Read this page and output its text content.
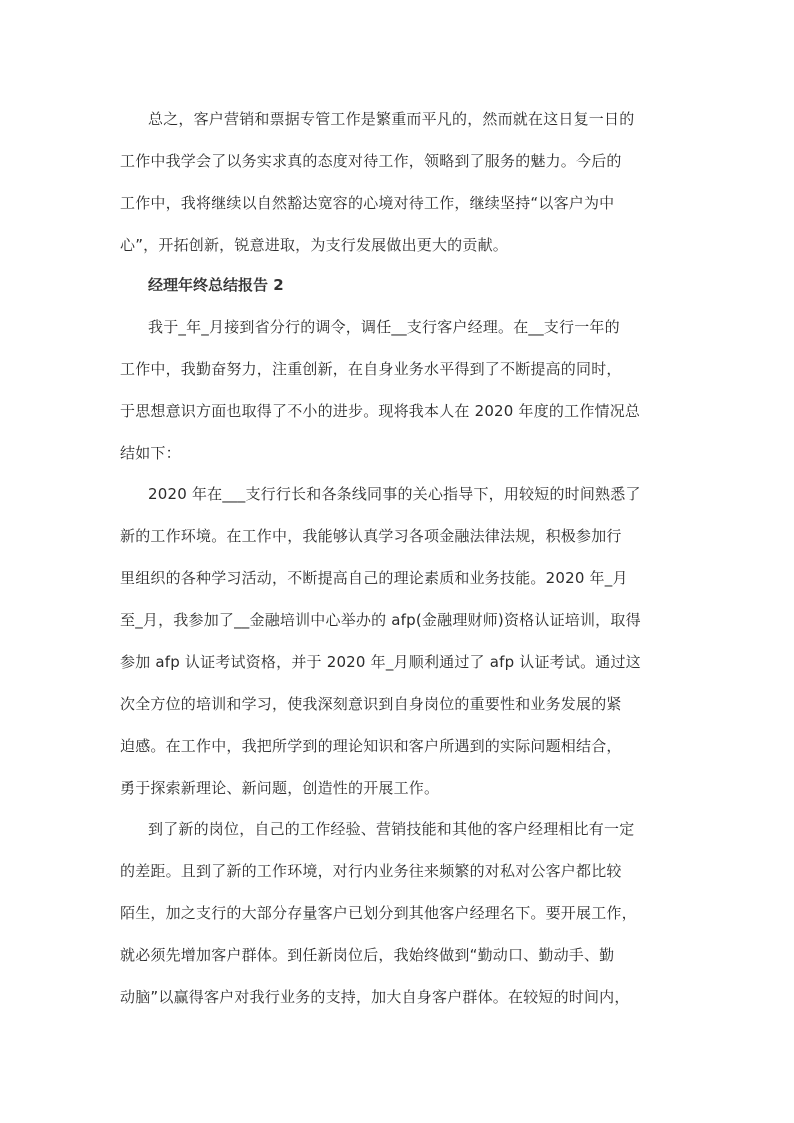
总之，客户营销和票据专管工作是繁重而平凡的，然而就在这日复一日的
工作中我学会了以务实求真的态度对待工作，领略到了服务的魅力。今后的
工作中，我将继续以自然豁达宽容的心境对待工作，继续坚持“以客户为中
心”，开拓创新，锐意进取，为支行发展做出更大的贡献。
经理年终总结报告 2
我于_年_月接到省分行的调令，调任__支行客户经理。在__支行一年的
工作中，我勤奋努力，注重创新，在自身业务水平得到了不断提高的同时，
于思想意识方面也取得了不小的进步。现将我本人在 2020 年度的工作情况总
结如下：
2020 年在___支行行长和各条线同事的关心指导下，用较短的时间熟悉了
新的工作环境。在工作中，我能够认真学习各项金融法律法规，积极参加行
里组织的各种学习活动，不断提高自己的理论素质和业务技能。2020 年_月
至_月，我参加了__金融培训中心举办的 afp(金融理财师)资格认证培训，取得
参加 afp 认证考试资格，并于 2020 年_月顺利通过了 afp 认证考试。通过这
次全方位的培训和学习，使我深刻意识到自身岗位的重要性和业务发展的紧
迫感。在工作中，我把所学到的理论知识和客户所遇到的实际问题相结合，
勇于探索新理论、新问题，创造性的开展工作。
到了新的岗位，自己的工作经验、营销技能和其他的客户经理相比有一定
的差距。且到了新的工作环境，对行内业务往来频繁的对私对公客户都比较
陌生，加之支行的大部分存量客户已划分到其他客户经理名下。要开展工作，
就必须先增加客户群体。到任新岗位后，我始终做到“勤动口、勤动手、勤
动脑”以赢得客户对我行业务的支持，加大自身客户群体。在较短的时间内，
